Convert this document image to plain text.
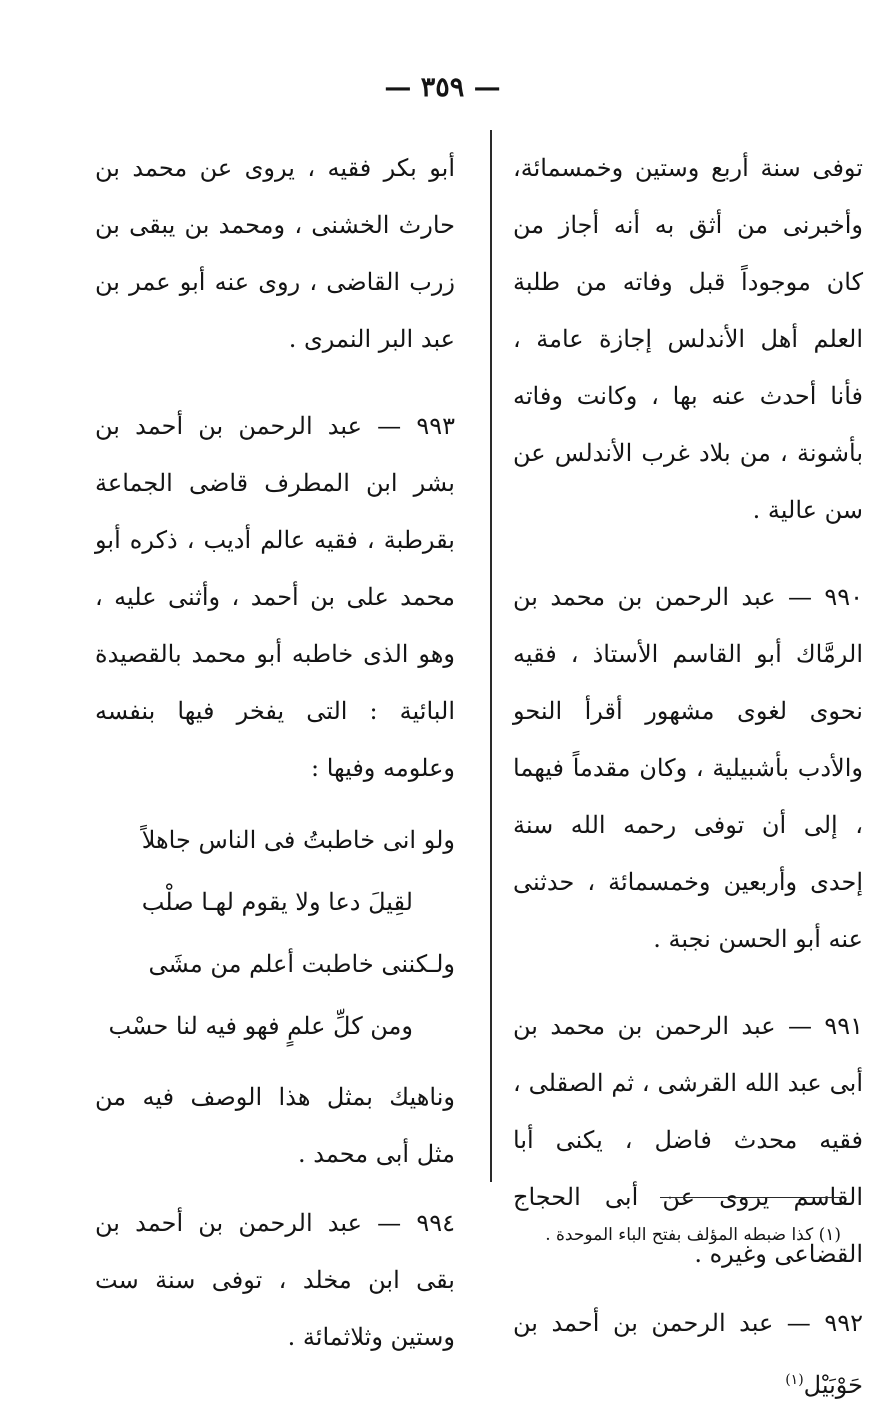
— ٣٥٩ —

توفى سنة أربع وستين وخمسمائة، وأخبرنى من أثق به أنه أجاز من كان موجوداً قبل وفاته من طلبة العلم أهل الأندلس إجازة عامة ، فأنا أحدث عنه بها ، وكانت وفاته بأشونة ، من بلاد غرب الأندلس عن سن عالية .

٩٩٠ — عبد الرحمن بن محمد بن الرمَّاك أبو القاسم الأستاذ ، فقيه نحوى لغوى مشهور أقرأ النحو والأدب بأشبيلية ، وكان مقدماً فيهما ، إلى أن توفى رحمه الله سنة إحدى وأربعين وخمسمائة ، حدثنى عنه أبو الحسن نجبة .

٩٩١ — عبد الرحمن بن محمد بن أبى عبد الله القرشى ، ثم الصقلى ، فقيه محدث فاضل ، يكنى أبا القاسم يروى عن أبى الحجاج القضاعى وغيره .

٩٩٢ — عبد الرحمن بن أحمد بن حَوْبَيْل$^{(١)}$

أبو بكر فقيه ، يروى عن محمد بن حارث الخشنى ، ومحمد بن يبقى بن زرب القاضى ، روى عنه أبو عمر بن عبد البر النمرى .

٩٩٣ — عبد الرحمن بن أحمد بن بشر ابن المطرف قاضى الجماعة بقرطبة ، فقيه عالم أديب ، ذكره أبو محمد على بن أحمد ، وأثنى عليه ، وهو الذى خاطبه أبو محمد بالقصيدة البائية : التى يفخر فيها بنفسه وعلومه وفيها :

ولو انى خاطبتُ فى الناس جاهلاً

لقِيلَ دعا ولا يقوم لهـا صلْب

ولـكننى خاطبت أعلم من مشَى

ومن كلِّ علمٍ فهو فيه لنا حسْب

وناهيك بمثل هذا الوصف فيه من مثل أبى محمد .

٩٩٤ — عبد الرحمن بن أحمد بن بقى ابن مخلد ، توفى سنة ست وستين وثلاثمائة .

(١) كذا ضبطه المؤلف بفتح الباء الموحدة .
